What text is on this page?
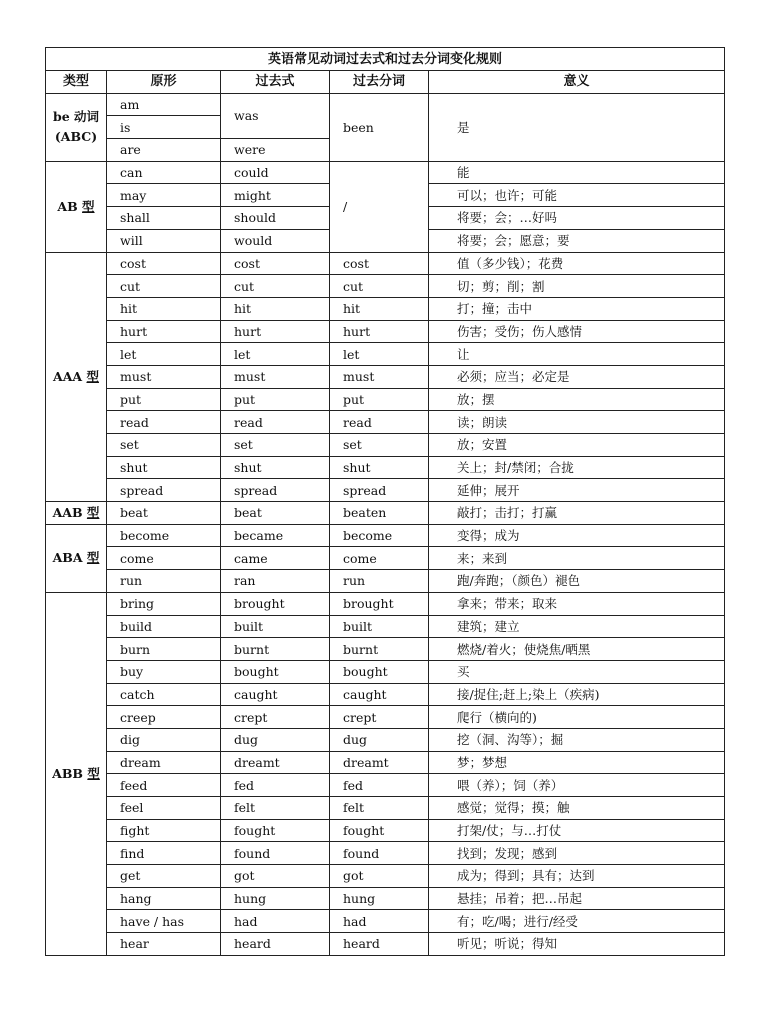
英语常见动词过去式和过去分词变化规则				
类型	原形	过去式	过去分词	意义

be 动词
(ABC)	am	was	been	是
	is			
	are	were		
AB 型	can	could	/	能
	may	might		可以；也许；可能
	shall	should		将要；会；…好吗
	will	would		将要；会；愿意；要
AAA 型	cost	cost	cost	值（多少钱）；花费
	cut	cut	cut	切；剪；削；割
	hit	hit	hit	打；撞；击中
	hurt	hurt	hurt	伤害；受伤；伤人感情
	let	let	let	让
	must	must	must	必须；应当；必定是
	put	put	put	放；摆
	read	read	read	读；朗读
	set	set	set	放；安置
	shut	shut	shut	关上；封/禁闭；合拢
	spread	spread	spread	延伸；展开
AAB 型	beat	beat	beaten	敲打；击打；打赢
ABA 型	become	became	become	变得；成为
	come	came	come	来；来到
	run	ran	run	跑/奔跑；（颜色）褪色
ABB 型	bring	brought	brought	拿来；带来；取来
	build	built	built	建筑；建立
	burn	burnt	burnt	燃烧/着火；使烧焦/晒黑
	buy	bought	bought	买
	catch	caught	caught	接/捉住;赶上;染上（疾病)
	creep	crept	crept	爬行（横向的)
	dig	dug	dug	挖（洞、沟等）；掘
	dream	dreamt	dreamt	梦；梦想
	feed	fed	fed	喂（养）；饲（养）
	feel	felt	felt	感觉；觉得；摸；触
	fight	fought	fought	打架/仗；与…打仗
	find	found	found	找到；发现；感到
	get	got	got	成为；得到；具有；达到
	hang	hung	hung	悬挂；吊着；把…吊起
	have / has	had	had	有；吃/喝；进行/经受
	hear	heard	heard	听见；听说；得知
